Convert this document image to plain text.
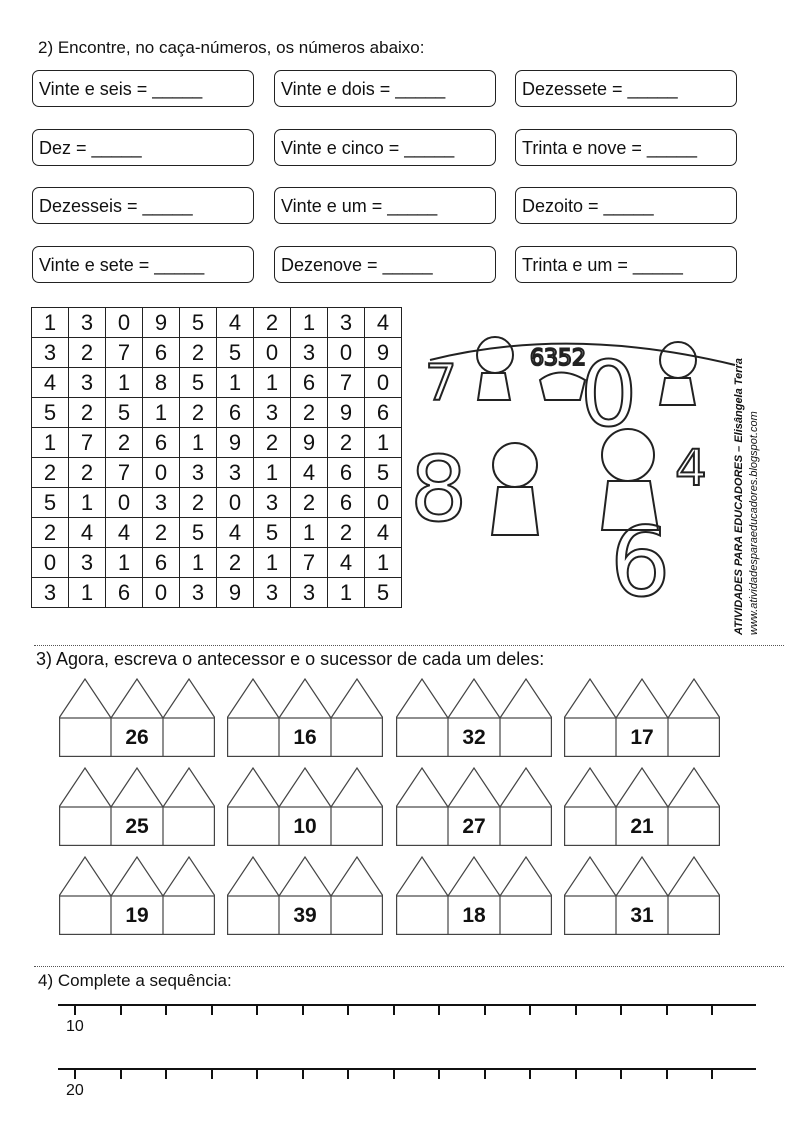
2) Encontre, no caça-números, os números abaixo:
Vinte e seis = _____	Vinte e dois = _____	Dezessete = _____
Dez = _____	Vinte e cinco = _____	Trinta e nove = _____
Dezesseis = _____	Vinte e um = _____	Dezoito = _____
Vinte e sete = _____	Dezenove = _____	Trinta e um = _____
1	3	0	9	5	4	2	1	3	4
3	2	7	6	2	5	0	3	0	9
4	3	1	8	5	1	1	6	7	0
5	2	5	1	2	6	3	2	9	6
1	7	2	6	1	9	2	9	2	1
2	2	7	0	3	3	1	4	6	5
5	1	0	3	2	0	3	2	6	0
2	4	4	2	5	4	5	1	2	4
0	3	1	6	1	2	1	7	4	1
3	1	6	0	3	9	3	3	1	5
7	6352
0
8	4
6	ATIVIDADES PARA EDUCADORES – Elisângela Terra www.atividadesparaeducadores.blogspot.com
3) Agora, escreva o antecessor e o sucessor de cada um deles:
26	16	32	17
25	10	27	21
19	39	18	31
4) Complete a sequência:
10
20
